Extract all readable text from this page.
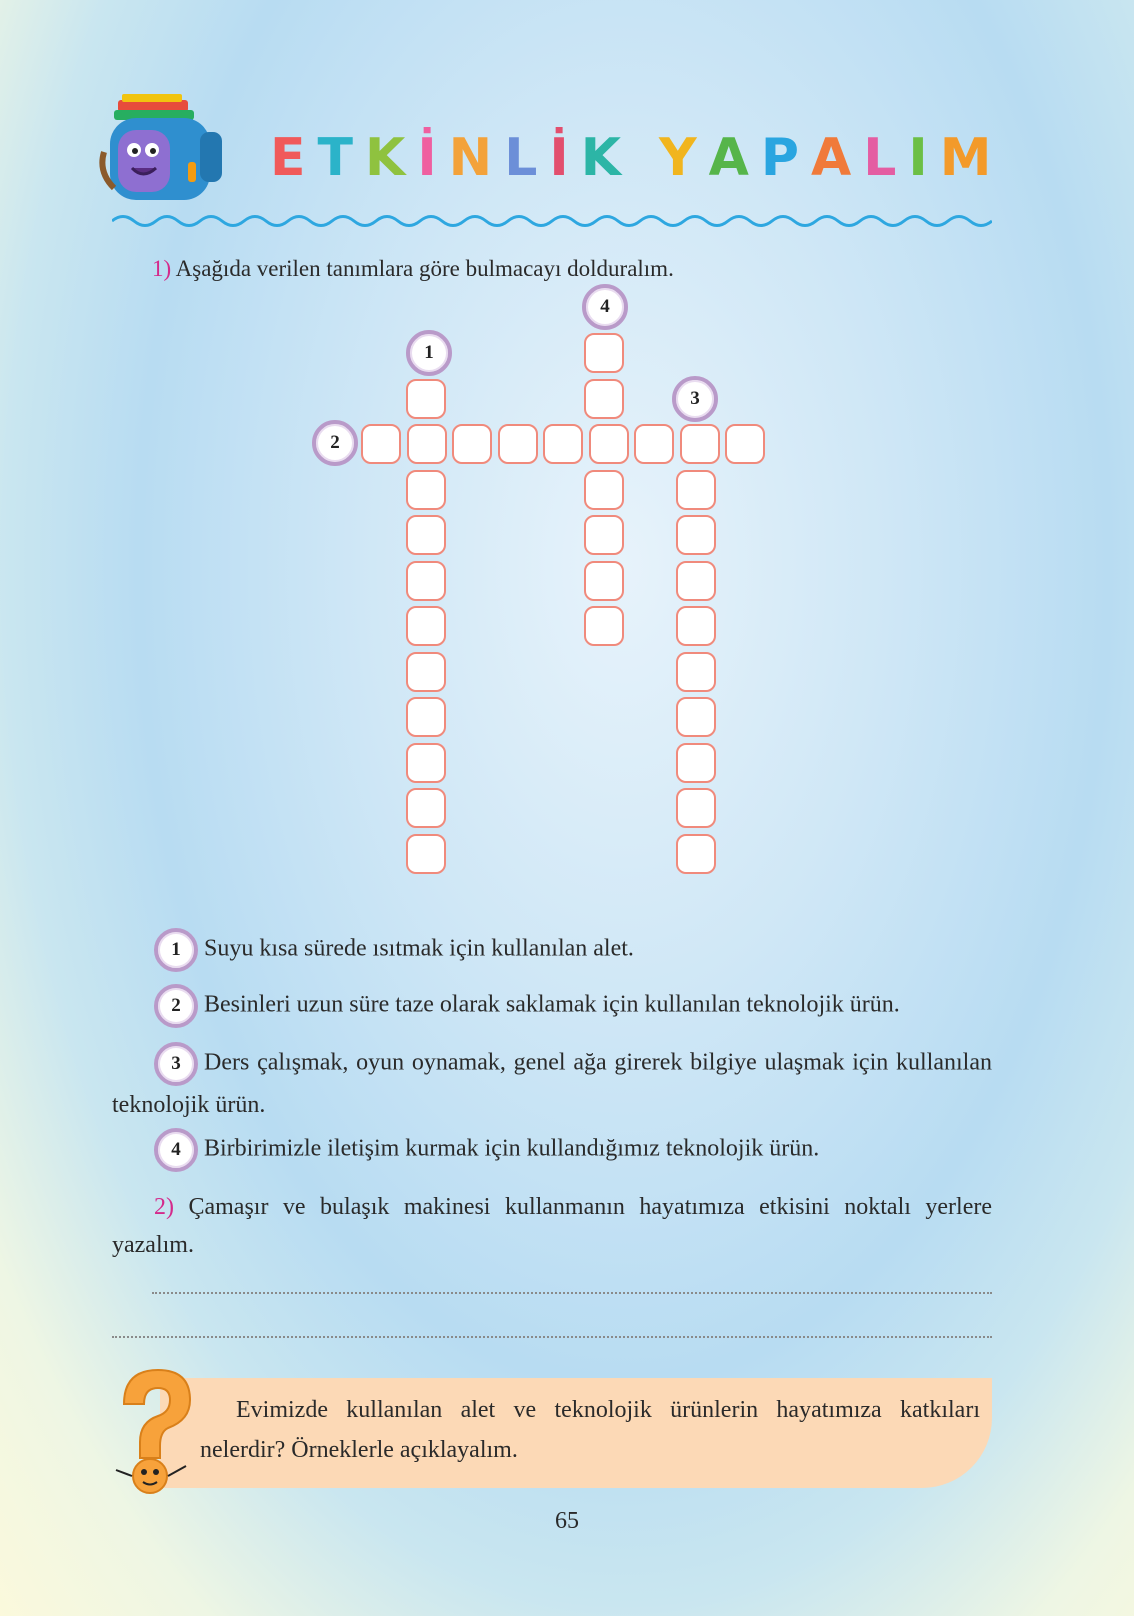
ETKİNLİK YAPALIM
1) Aşağıda verilen tanımlara göre bulmacayı dolduralım.
1
2
3
4
1 Suyu kısa sürede ısıtmak için kullanılan alet.
2 Besinleri uzun süre taze olarak saklamak için kullanılan teknolojik ürün.
3 Ders çalışmak, oyun oynamak, genel ağa girerek bilgiye ulaşmak için kullanılan teknolojik ürün.
4 Birbirimizle iletişim kurmak için kullandığımız teknolojik ürün.
2) Çamaşır ve bulaşık makinesi kullanmanın hayatımıza etkisini noktalı yerlere yazalım.
Evimizde kullanılan alet ve teknolojik ürünlerin hayatımıza katkıları nelerdir? Örneklerle açıklayalım.
65
